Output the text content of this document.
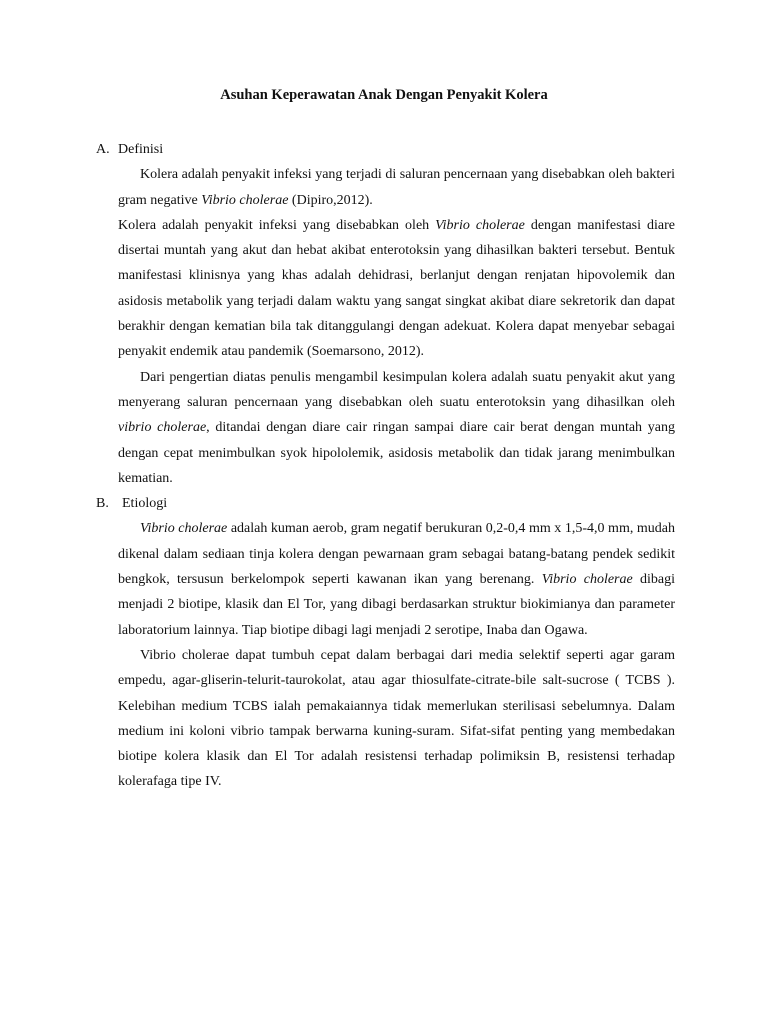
Asuhan Keperawatan Anak Dengan Penyakit Kolera
A. Definisi

Kolera adalah penyakit infeksi yang terjadi di saluran pencernaan yang disebabkan oleh bakteri gram negative Vibrio cholerae (Dipiro,2012).

Kolera adalah penyakit infeksi yang disebabkan oleh Vibrio cholerae dengan manifestasi diare disertai muntah yang akut dan hebat akibat enterotoksin yang dihasilkan bakteri tersebut. Bentuk manifestasi klinisnya yang khas adalah dehidrasi, berlanjut dengan renjatan hipovolemik dan asidosis metabolik yang terjadi dalam waktu yang sangat singkat akibat diare sekretorik dan dapat berakhir dengan kematian bila tak ditanggulangi dengan adekuat. Kolera dapat menyebar sebagai penyakit endemik atau pandemik (Soemarsono, 2012).

Dari pengertian diatas penulis mengambil kesimpulan kolera adalah suatu penyakit akut yang menyerang saluran pencernaan yang disebabkan oleh suatu enterotoksin yang dihasilkan oleh vibrio cholerae, ditandai dengan diare cair ringan sampai diare cair berat dengan muntah yang dengan cepat menimbulkan syok hipololemik, asidosis metabolik dan tidak jarang menimbulkan kematian.

B. Etiologi

Vibrio cholerae adalah kuman aerob, gram negatif berukuran 0,2-0,4 mm x 1,5-4,0 mm, mudah dikenal dalam sediaan tinja kolera dengan pewarnaan gram sebagai batang-batang pendek sedikit bengkok, tersusun berkelompok seperti kawanan ikan yang berenang. Vibrio cholerae dibagi menjadi 2 biotipe, klasik dan El Tor, yang dibagi berdasarkan struktur biokimianya dan parameter laboratorium lainnya. Tiap biotipe dibagi lagi menjadi 2 serotipe, Inaba dan Ogawa.

Vibrio cholerae dapat tumbuh cepat dalam berbagai dari media selektif seperti agar garam empedu, agar-gliserin-telurit-taurokolat, atau agar thiosulfate-citrate-bile salt-sucrose ( TCBS ). Kelebihan medium TCBS ialah pemakaiannya tidak memerlukan sterilisasi sebelumnya. Dalam medium ini koloni vibrio tampak berwarna kuning-suram. Sifat-sifat penting yang membedakan biotipe kolera klasik dan El Tor adalah resistensi terhadap polimiksin B, resistensi terhadap kolerafaga tipe IV.
